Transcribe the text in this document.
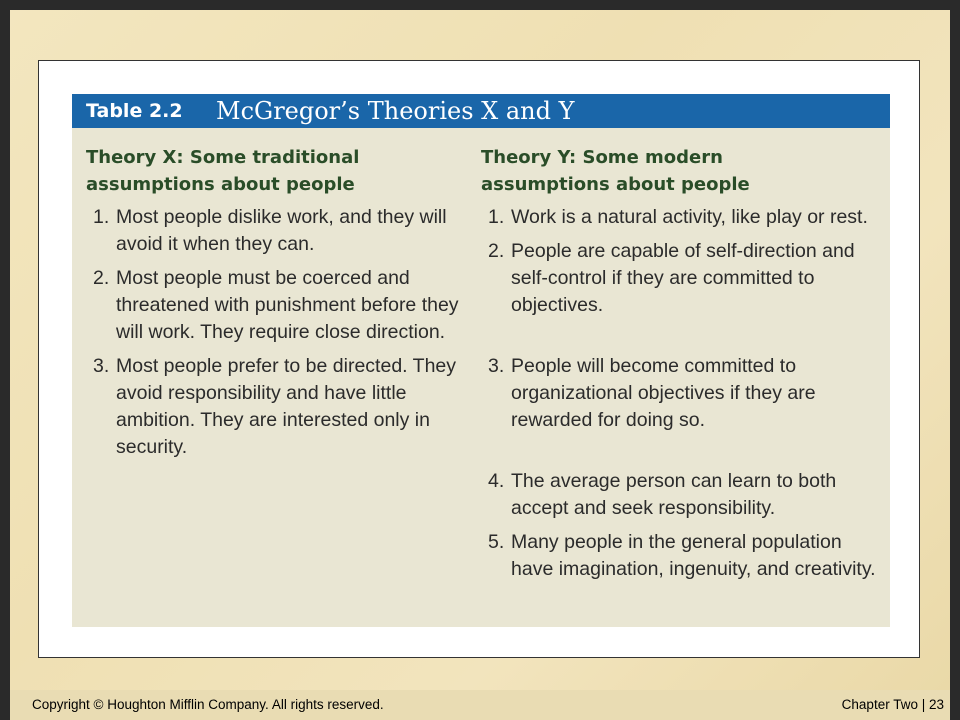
Table 2.2 McGregor’s Theories X and Y
Theory X: Some traditional
assumptions about people
1. Most people dislike work, and they will avoid it when they can.
2. Most people must be coerced and threatened with punishment before they will work. They require close direction.
3. Most people prefer to be directed. They avoid responsibility and have little ambition. They are interested only in security.
Theory Y: Some modern
assumptions about people
1. Work is a natural activity, like play or rest.
2. People are capable of self-direction and self-control if they are committed to objectives.
3. People will become committed to organizational objectives if they are rewarded for doing so.
4. The average person can learn to both accept and seek responsibility.
5. Many people in the general population have imagination, ingenuity, and creativity.
Copyright © Houghton Mifflin Company. All rights reserved.	Chapter Two | 23
